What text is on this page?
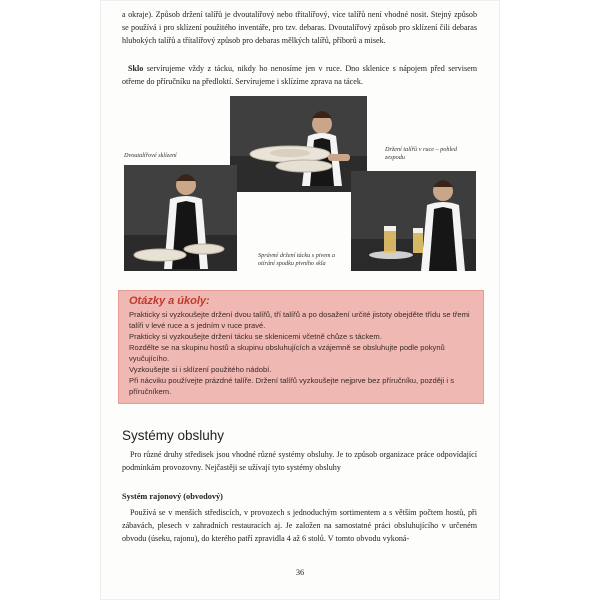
a okraje). Způsob držení talířů je dvoutalířový nebo třítalířový, více talířů není vhodné nosit. Stejný způsob se používá i pro sklízení použitého inventáře, pro tzv. debaras. Dvoutalířový způsob pro sklízení čili debaras hlubokých talířů a třítalířový způsob pro debaras mělkých talířů, příborů a misek.

Sklo servírujeme vždy z tácku, nikdy ho nenosíme jen v ruce. Dno sklenice s nápojem před servisem otřeme do příručníku na předloktí. Servírujeme i sklízíme zprava na tácek.

Dvoutalířové sklízení
Držení talířů v ruce – pohled zespodu
Správné držení tácku s pivem a otírání spodku pivního skla
Otázky a úkoly:
Prakticky si vyzkoušejte držení dvou talířů, tří talířů a po dosažení určité jistoty obejděte třídu se třemi talíři v levé ruce a s jedním v ruce pravé.
Prakticky si vyzkoušejte držení tácku se sklenicemi včetně chůze s táckem.
Rozdělte se na skupinu hostů a skupinu obsluhujících a vzájemně se obsluhujte podle pokynů vyučujícího.
Vyzkoušejte si i sklízení použitého nádobí.
Při nácviku používejte prázdné talíře. Držení talířů vyzkoušejte nejprve bez příručníku, později i s příručníkem.
Systémy obsluhy

Pro různé druhy středisek jsou vhodné různé systémy obsluhy. Je to způsob organizace práce odpovídající podmínkám provozovny. Nejčastěji se užívají tyto systémy obsluhy

Systém rajonový (obvodový)

Používá se v menších střediscích, v provozech s jednoduchým sortimentem a s větším počtem hostů, při zábavách, plesech v zahradních restauracích aj. Je založen na samostatné práci obsluhujícího v určeném obvodu (úseku, rajonu), do kterého patří zpravidla 4 až 6 stolů. V tomto obvodu vykoná-

36
